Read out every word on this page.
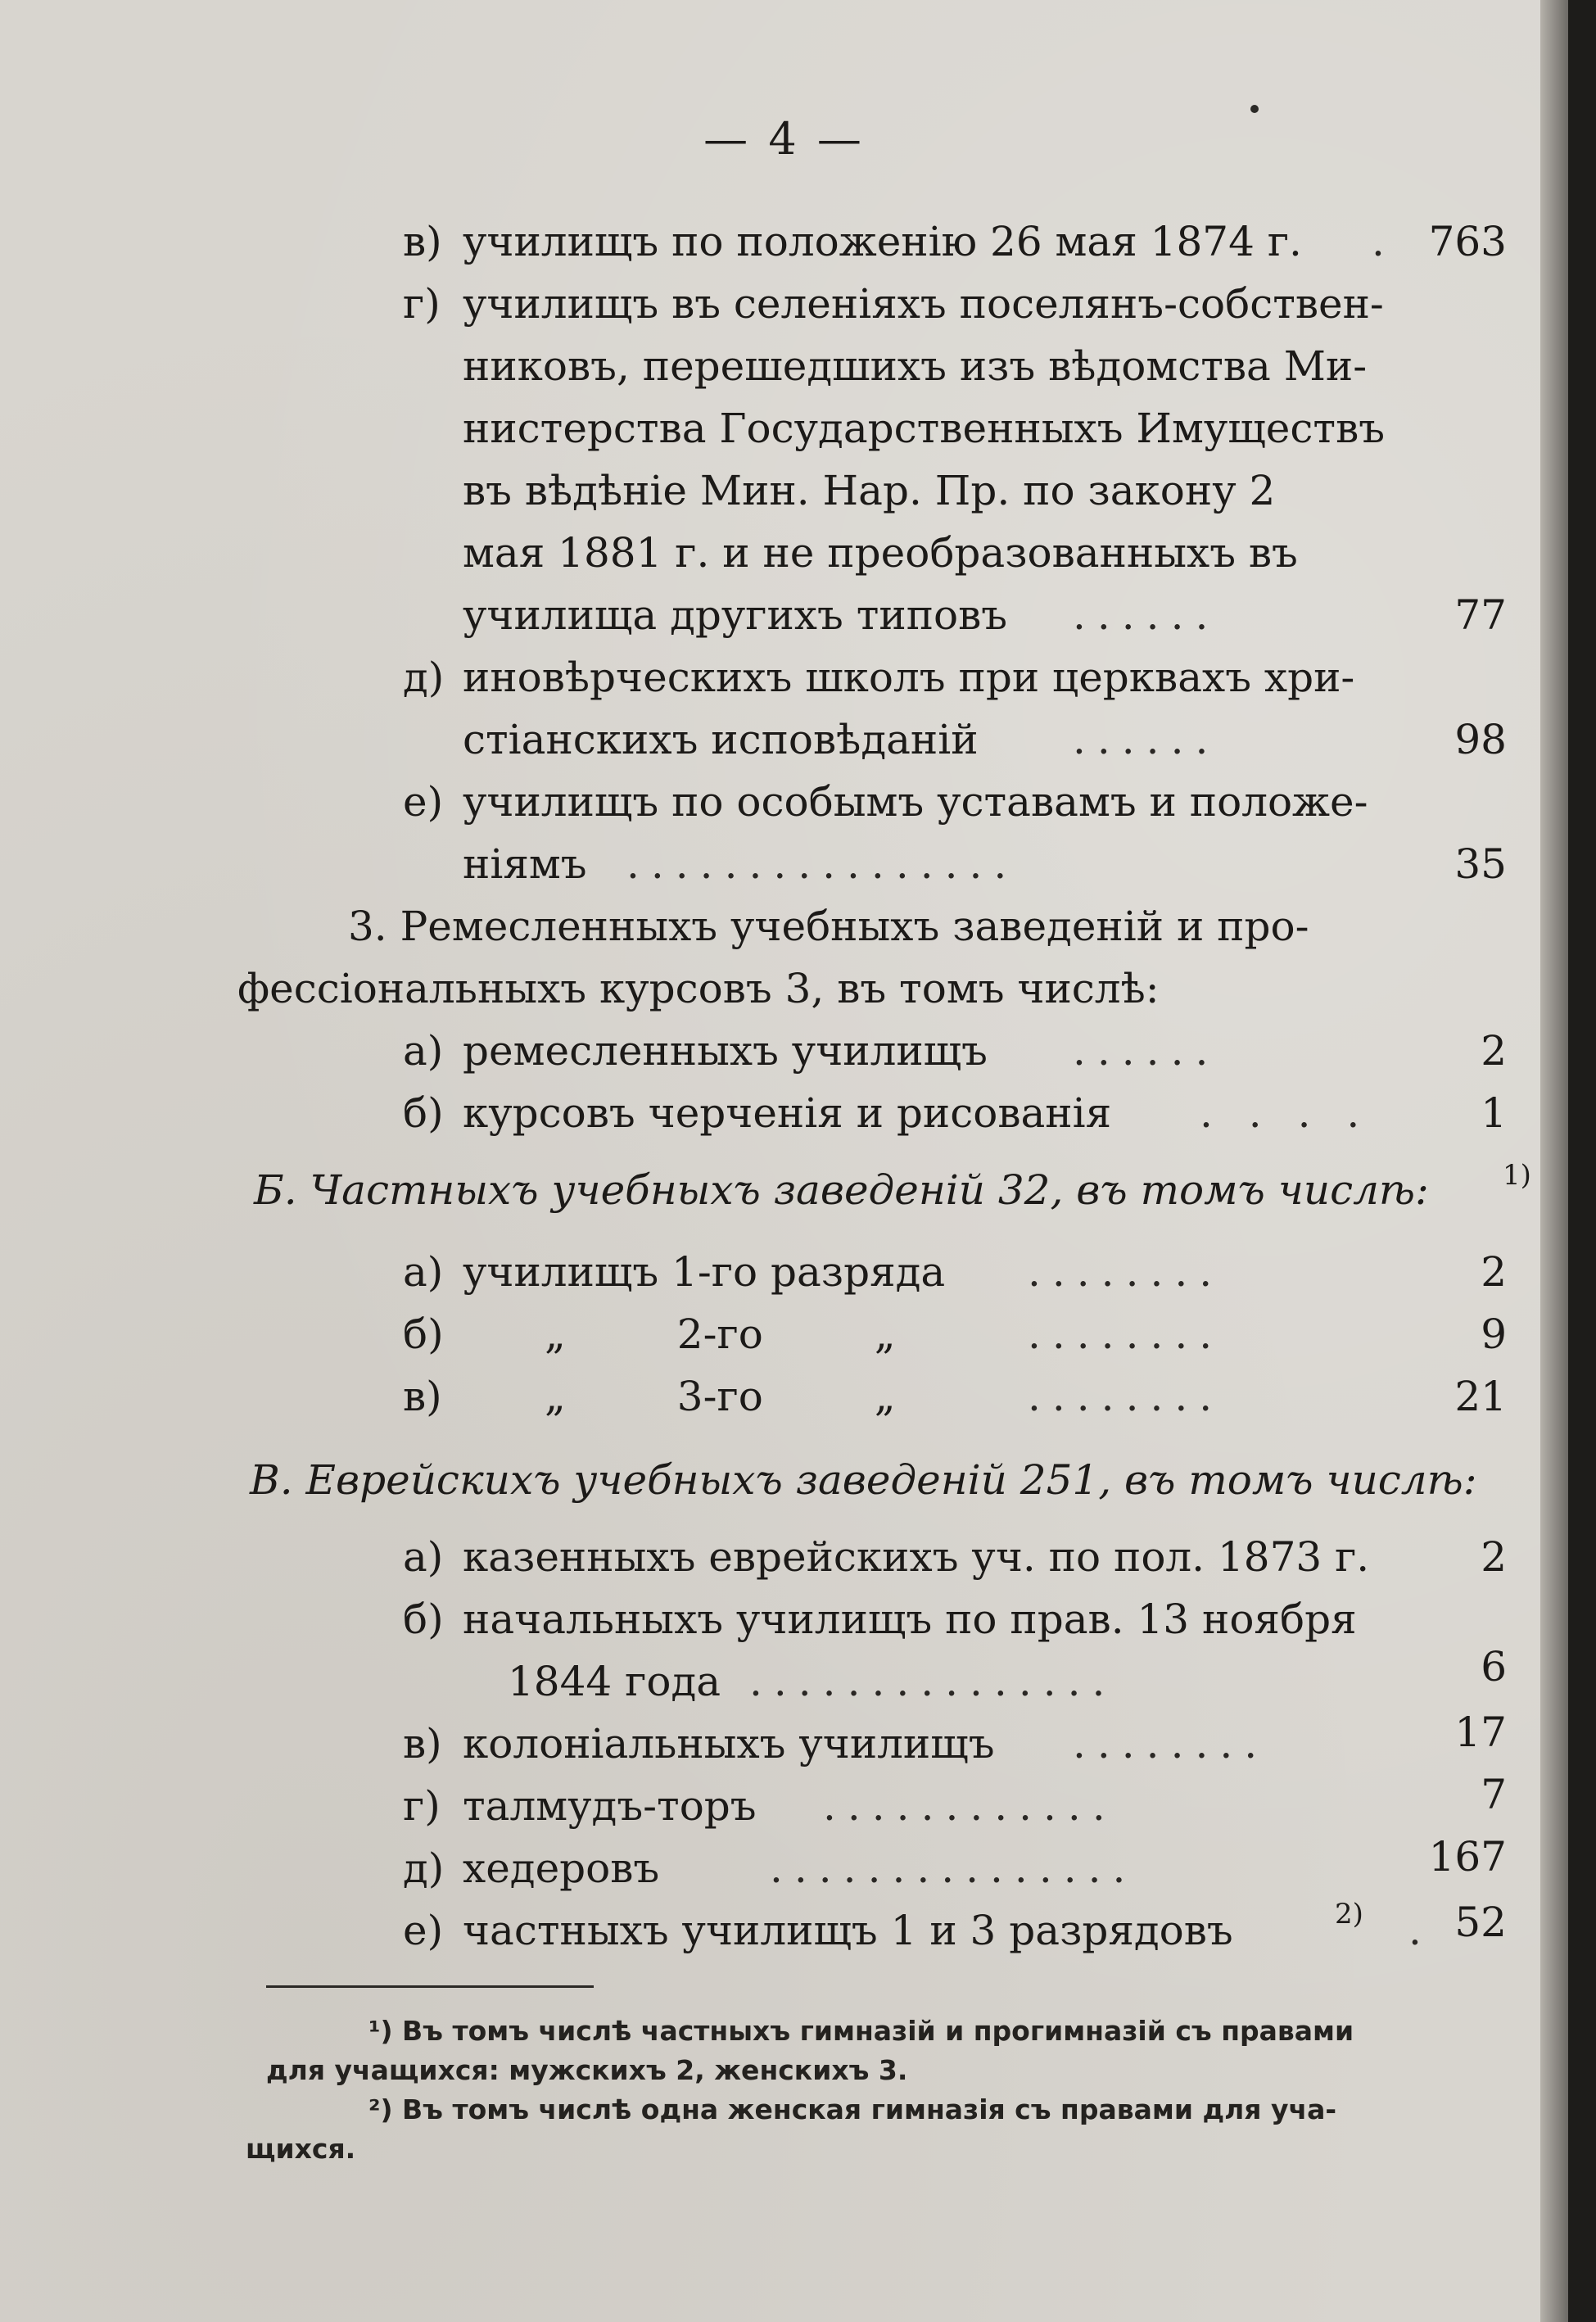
— 4 —
в) училищъ по положенію 26 мая 1874 г. . 763
г) училищъ въ селеніяхъ поселянъ-собствен-
никовъ, перешедшихъ изъ вѣдомства Ми-
нистерства Государственныхъ Имуществъ
въ вѣдѣніе Мин. Нар. Пр. по закону 2
мая 1881 г. и не преобразованныхъ въ
училища другихъ типовъ ......	77
д) иновѣрческихъ школъ при церквахъ хри-
стіанскихъ исповѣданій ......	98
е) училищъ по особымъ уставамъ и положе-
ніямъ ................	35
3. Ремесленныхъ учебныхъ заведеній и про-
фессіональныхъ курсовъ 3, въ томъ числѣ:
а) ремесленныхъ училищъ ......	2
б) курсовъ черченія и рисованія . . . .	1
Б. Частныхъ учебныхъ заведеній 32, въ томъ числѣ:	1)
а) училищъ 1-го разряда ........	2
б) „ 2-го „	........	9
в)	„ 3-го „	........	21
В. Еврейскихъ учебныхъ заведеній 251, въ томъ числѣ:
а) казенныхъ еврейскихъ уч. по пол. 1873 г.	2
б) начальныхъ училищъ по прав. 13 ноября
1844 года ...............	6
в) колоніальныхъ училищъ ........	17
г) талмудъ-торъ ............	7
д) хедеровъ	...............	167
е) частныхъ училищъ 1 и 3 разрядовъ	2) . 52
¹) Въ томъ числѣ частныхъ гимназій и прогимназій съ правами
для учащихся: мужскихъ 2, женскихъ 3.
²) Въ томъ числѣ одна женская гимназія съ правами для уча-
щихся.
